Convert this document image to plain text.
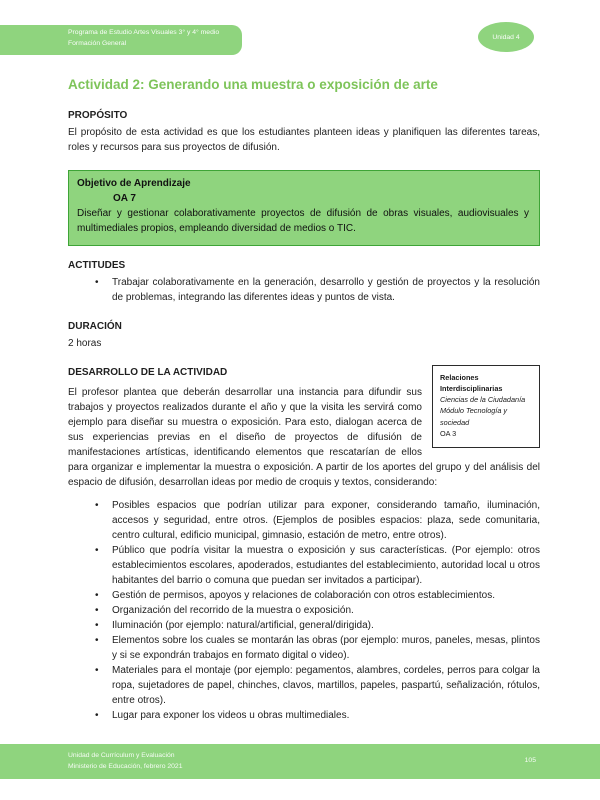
Programa de Estudio Artes Visuales 3° y 4° medio
Formación General
Unidad 4
Actividad 2: Generando una muestra o exposición de arte
PROPÓSITO

El propósito de esta actividad es que los estudiantes planteen ideas y planifiquen las diferentes tareas, roles y recursos para sus proyectos de difusión.

Objetivo de Aprendizaje
OA 7
Diseñar y gestionar colaborativamente proyectos de difusión de obras visuales, audiovisuales y multimediales propios, empleando diversidad de medios o TIC.
ACTITUDES
• Trabajar colaborativamente en la generación, desarrollo y gestión de proyectos y la resolución de problemas, integrando las diferentes ideas y puntos de vista.
DURACIÓN

2 horas

Relaciones Interdisciplinarias
Ciencias de la Ciudadanía
Módulo Tecnología y sociedad
OA 3
DESARROLLO DE LA ACTIVIDAD

El profesor plantea que deberán desarrollar una instancia para difundir sus trabajos y proyectos realizados durante el año y que la visita les servirá como ejemplo para diseñar su muestra o exposición. Para esto, dialogan acerca de sus experiencias previas en el diseño de proyectos de difusión de manifestaciones artísticas, identificando elementos que rescatarían de ellos para organizar e implementar la muestra o exposición. A partir de los aportes del grupo y del análisis del espacio de difusión, desarrollan ideas por medio de croquis y textos, considerando:

• Posibles espacios que podrían utilizar para exponer, considerando tamaño, iluminación, accesos y seguridad, entre otros. (Ejemplos de posibles espacios: plaza, sede comunitaria, centro cultural, edificio municipal, gimnasio, estación de metro, entre otros).
• Público que podría visitar la muestra o exposición y sus características. (Por ejemplo: otros establecimientos escolares, apoderados, estudiantes del establecimiento, autoridad local u otros habitantes del barrio o comuna que puedan ser invitados a participar).
• Gestión de permisos, apoyos y relaciones de colaboración con otros establecimientos.
• Organización del recorrido de la muestra o exposición.
• Iluminación (por ejemplo: natural/artificial, general/dirigida).
• Elementos sobre los cuales se montarán las obras (por ejemplo: muros, paneles, mesas, plintos y si se expondrán trabajos en formato digital o video).
• Materiales para el montaje (por ejemplo: pegamentos, alambres, cordeles, perros para colgar la ropa, sujetadores de papel, chinches, clavos, martillos, papeles, paspartú, señalización, rótulos, entre otros).
• Lugar para exponer los videos u obras multimediales.
Unidad de Currículum y Evaluación
Ministerio de Educación, febrero 2021
105
